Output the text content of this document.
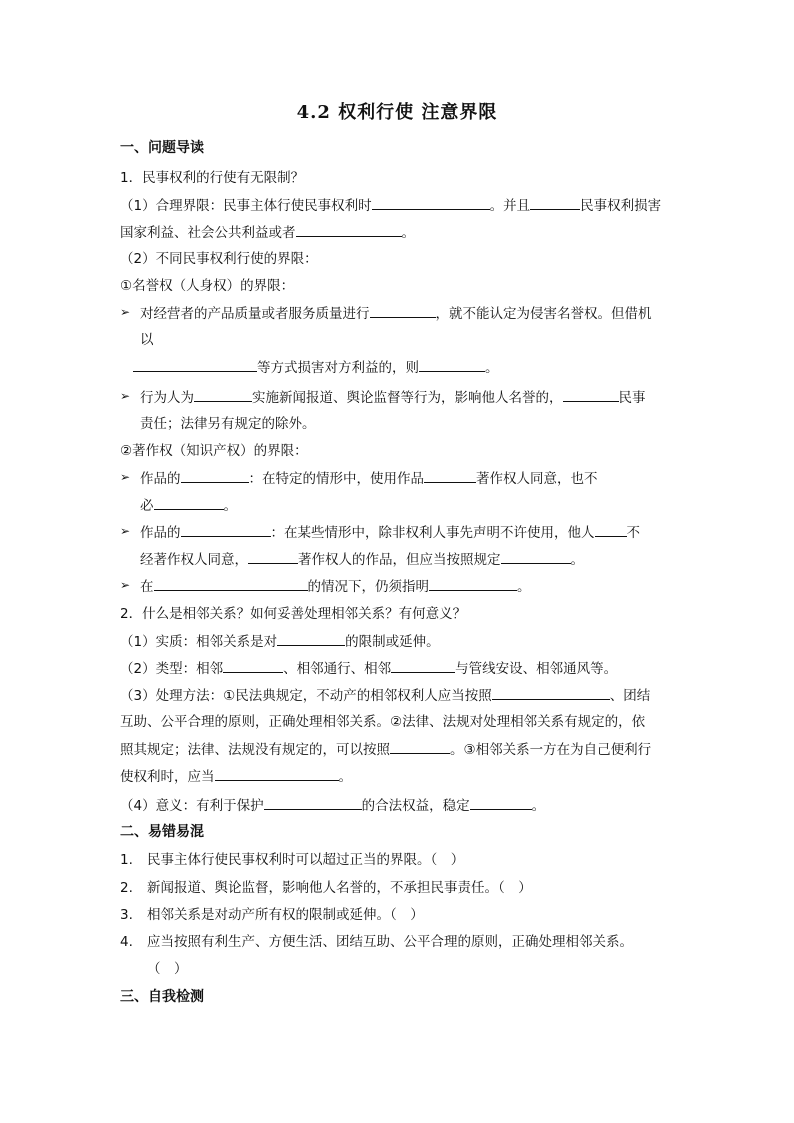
4.2 权利行使 注意界限
一、问题导读
1．民事权利的行使有无限制？
（1）合理界限：民事主体行使民事权利时	。并且	民事权利损害
国家利益、社会公共利益或者	。
（2）不同民事权利行使的界限：
①名誉权（人身权）的界限：
➢ 对经营者的产品质量或者服务质量进行	，就不能认定为侵害名誉权。但借机
以
等方式损害对方利益的，则	。
➢ 行为人为	实施新闻报道、舆论监督等行为，影响他人名誉的，	民事
责任；法律另有规定的除外。
②著作权（知识产权）的界限：
➢ 作品的	：在特定的情形中，使用作品	著作权人同意，也不
必	。
➢ 作品的	：在某些情形中，除非权利人事先声明不许使用，他人 不
经著作权人同意，	著作权人的作品，但应当按照规定	。
➢ 在	的情况下，仍须指明	。
2．什么是相邻关系？如何妥善处理相邻关系？有何意义？
（1）实质：相邻关系是对	的限制或延伸。
（2）类型：相邻	、相邻通行、相邻	与管线安设、相邻通风等。
（3）处理方法：①民法典规定，不动产的相邻权利人应当按照	、团结
互助、公平合理的原则，正确处理相邻关系。②法律、法规对处理相邻关系有规定的，依
照其规定；法律、法规没有规定的，可以按照	。③相邻关系一方在为自己便利行
使权利时，应当	。
（4）意义：有利于保护	的合法权益，稳定	。
二、易错易混
1. 民事主体行使民事权利时可以超过正当的界限。（　）
2. 新闻报道、舆论监督，影响他人名誉的，不承担民事责任。（　）
3. 相邻关系是对动产所有权的限制或延伸。（　）
4. 应当按照有利生产、方便生活、团结互助、公平合理的原则，正确处理相邻关系。
（　）
三、自我检测
